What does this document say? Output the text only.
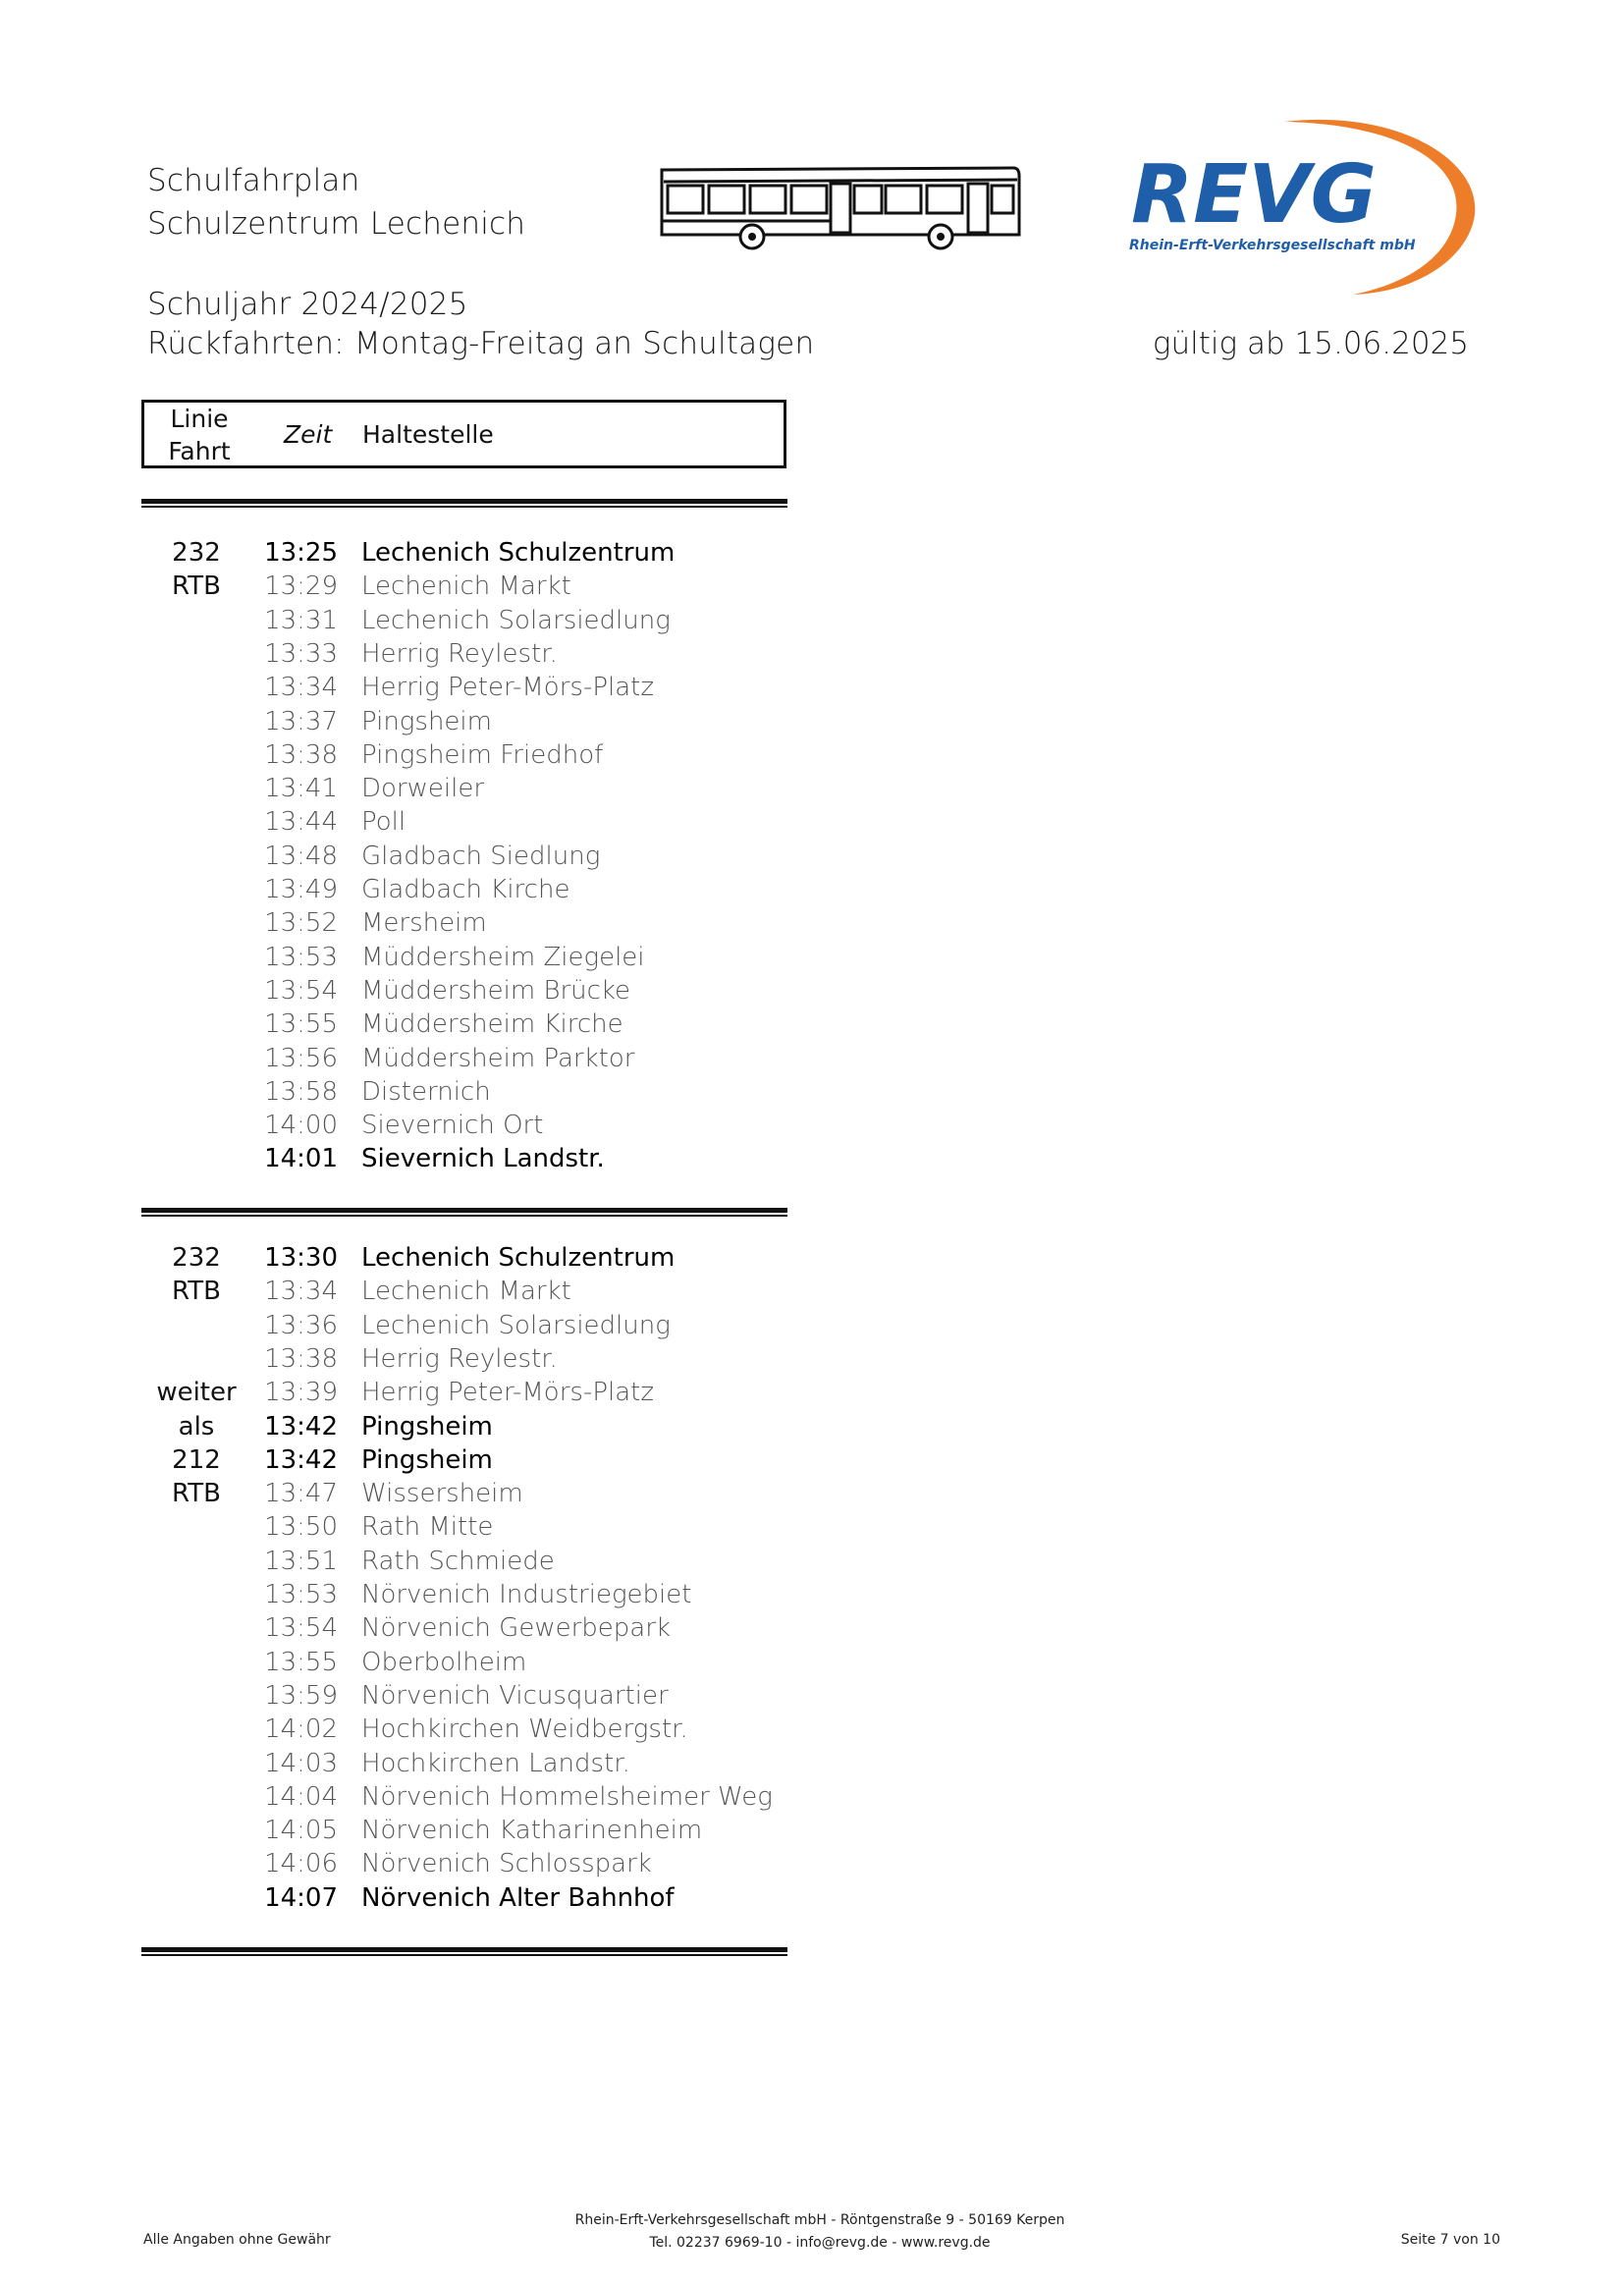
Schulfahrplan
Schulzentrum Lechenich
Schuljahr 2024/2025
Rückfahrten: Montag-Freitag an Schultagen	gültig ab 15.06.2025
REVG
Rhein-Erft-Verkehrsgesellschaft mbH
Linie
Fahrt
Zeit Haltestelle
232	13:25 Lechenich Schulzentrum
RTB	13:29 Lechenich Markt
13:31 Lechenich Solarsiedlung
13:33 Herrig Reylestr.
13:34 Herrig Peter-Mörs-Platz
13:37 Pingsheim
13:38 Pingsheim Friedhof
13:41 Dorweiler
13:44 Poll
13:48 Gladbach Siedlung
13:49 Gladbach Kirche
13:52 Mersheim
13:53 Müddersheim Ziegelei
13:54 Müddersheim Brücke
13:55 Müddersheim Kirche
13:56 Müddersheim Parktor
13:58 Disternich
14:00 Sievernich Ort
14:01 Sievernich Landstr.
232	13:30 Lechenich Schulzentrum
RTB	13:34 Lechenich Markt
13:36 Lechenich Solarsiedlung
13:38 Herrig Reylestr.
weiter	13:39 Herrig Peter-Mörs-Platz
als	13:42 Pingsheim
212	13:42 Pingsheim
RTB	13:47 Wissersheim
13:50 Rath Mitte
13:51 Rath Schmiede
13:53 Nörvenich Industriegebiet
13:54 Nörvenich Gewerbepark
13:55 Oberbolheim
13:59 Nörvenich Vicusquartier
14:02 Hochkirchen Weidbergstr.
14:03 Hochkirchen Landstr.
14:04 Nörvenich Hommelsheimer Weg
14:05 Nörvenich Katharinenheim
14:06 Nörvenich Schlosspark
14:07 Nörvenich Alter Bahnhof
Alle Angaben ohne Gewähr
Rhein-Erft-Verkehrsgesellschaft mbH - Röntgenstraße 9 - 50169 Kerpen
Tel. 02237 6969-10 - info@revg.de - www.revg.de	Seite 7 von 10
